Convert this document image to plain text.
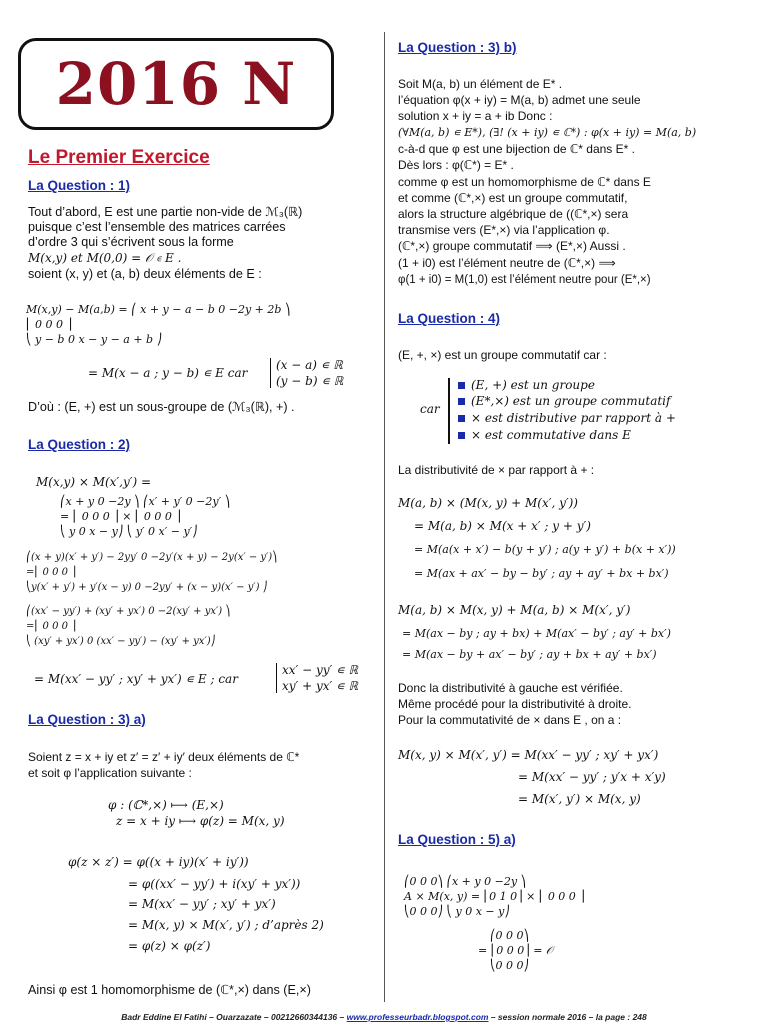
2016 N
Le Premier Exercice
La Question : 1)
Tout d’abord, E est une partie non-vide de ℳ₃(ℝ)
puisque c’est l’ensemble des matrices carrées
d’ordre 3 qui s’écrivent sous la forme
M(x,y) et M(0,0) = 𝒪 ∊ E .
soient (x, y) et (a, b) deux éléments de E :
M(x,y) − M(a,b) = ⎛ x + y − a − b 0 −2y + 2b ⎞
⎜ 0 0 0 ⎟
⎝ y − b 0 x − y − a + b ⎠
= M(x − a ; y − b) ∊ E car
(x − a) ∊ ℝ
(y − b) ∊ ℝ
D’où : (E, +) est un sous-groupe de (ℳ₃(ℝ), +) .
La Question : 2)
M(x,y) × M(x′,y′) =
⎛x + y 0 −2y ⎞ ⎛x′ + y′ 0 −2y′ ⎞
= ⎜ 0 0 0 ⎟ × ⎜ 0 0 0 ⎟
⎝ y 0 x − y⎠ ⎝ y′ 0 x′ − y′⎠
⎛(x + y)(x′ + y′) − 2yy′ 0 −2y′(x + y) − 2y(x′ − y′)⎞
=⎜ 0 0 0 ⎟
⎝y(x′ + y′) + y′(x − y) 0 −2yy′ + (x − y)(x′ − y′) ⎠
⎛(xx′ − yy′) + (xy′ + yx′) 0 −2(xy′ + yx′) ⎞
=⎜ 0 0 0 ⎟
⎝ (xy′ + yx′) 0 (xx′ − yy′) − (xy′ + yx′)⎠
= M(xx′ − yy′ ; xy′ + yx′) ∊ E ; car
xx′ − yy′ ∊ ℝ
xy′ + yx′ ∊ ℝ
La Question : 3) a)
Soient z = x + iy et z′ = z′ + iy′ deux éléments de ℂ*
et soit φ l’application suivante :
φ : (ℂ*,×) ⟼ (E,×)
z = x + iy ⟼ φ(z) = M(x, y)
φ(z × z′) = φ((x + iy)(x′ + iy′))
= φ((xx′ − yy′) + i(xy′ + yx′))
= M(xx′ − yy′ ; xy′ + yx′)
= M(x, y) × M(x′, y′) ; d’après 2)
= φ(z) × φ(z′)
Ainsi φ est 1 homomorphisme de (ℂ*,×) dans (E,×)
La Question : 3) b)
Soit M(a, b) un élément de E* .
l’équation φ(x + iy) = M(a, b) admet une seule
solution x + iy = a + ib Donc :
(∀M(a, b) ∊ E*), (∃! (x + iy) ∊ ℂ*) : φ(x + iy) = M(a, b)
c-à-d que φ est une bijection de ℂ* dans E* .
Dès lors : φ(ℂ*) = E* .
comme φ est un homomorphisme de ℂ* dans E
et comme (ℂ*,×) est un groupe commutatif,
alors la structure algébrique de ((ℂ*,×) sera
transmise vers (E*,×) via l’application φ.
(ℂ*,×) groupe commutatif ⟹ (E*,×) Aussi .
(1 + i0) est l’élément neutre de (ℂ*,×) ⟹
φ(1 + i0) = M(1,0) est l’élément neutre pour (E*,×)
La Question : 4)
(E, +, ×) est un groupe commutatif car :
car
(E, +) est un groupe
(E*,×) est un groupe commutatif
× est distributive par rapport à +
× est commutative dans E
La distributivité de × par rapport à + :
M(a, b) × (M(x, y) + M(x′, y′))
= M(a, b) × M(x + x′ ; y + y′)
= M(a(x + x′) − b(y + y′) ; a(y + y′) + b(x + x′))
= M(ax + ax′ − by − by′ ; ay + ay′ + bx + bx′)
M(a, b) × M(x, y) + M(a, b) × M(x′, y′)
= M(ax − by ; ay + bx) + M(ax′ − by′ ; ay′ + bx′)
= M(ax − by + ax′ − by′ ; ay + bx + ay′ + bx′)
Donc la distributivité à gauche est vérifiée.
Même procédé pour la distributivité à droite.
Pour la commutativité de × dans E , on a :
M(x, y) × M(x′, y′) = M(xx′ − yy′ ; xy′ + yx′)
= M(xx′ − yy′ ; y′x + x′y)
= M(x′, y′) × M(x, y)
La Question : 5) a)
⎛0 0 0⎞ ⎛x + y 0 −2y ⎞
A × M(x, y) = ⎜0 1 0⎟ × ⎜ 0 0 0 ⎟
⎝0 0 0⎠ ⎝ y 0 x − y⎠
⎛0 0 0⎞
= ⎜0 0 0⎟ = 𝒪
⎝0 0 0⎠
Badr Eddine El Fatihi – Ouarzazate – 00212660344136 – www.professeurbadr.blogspot.com – session normale 2016 – la page : 248
